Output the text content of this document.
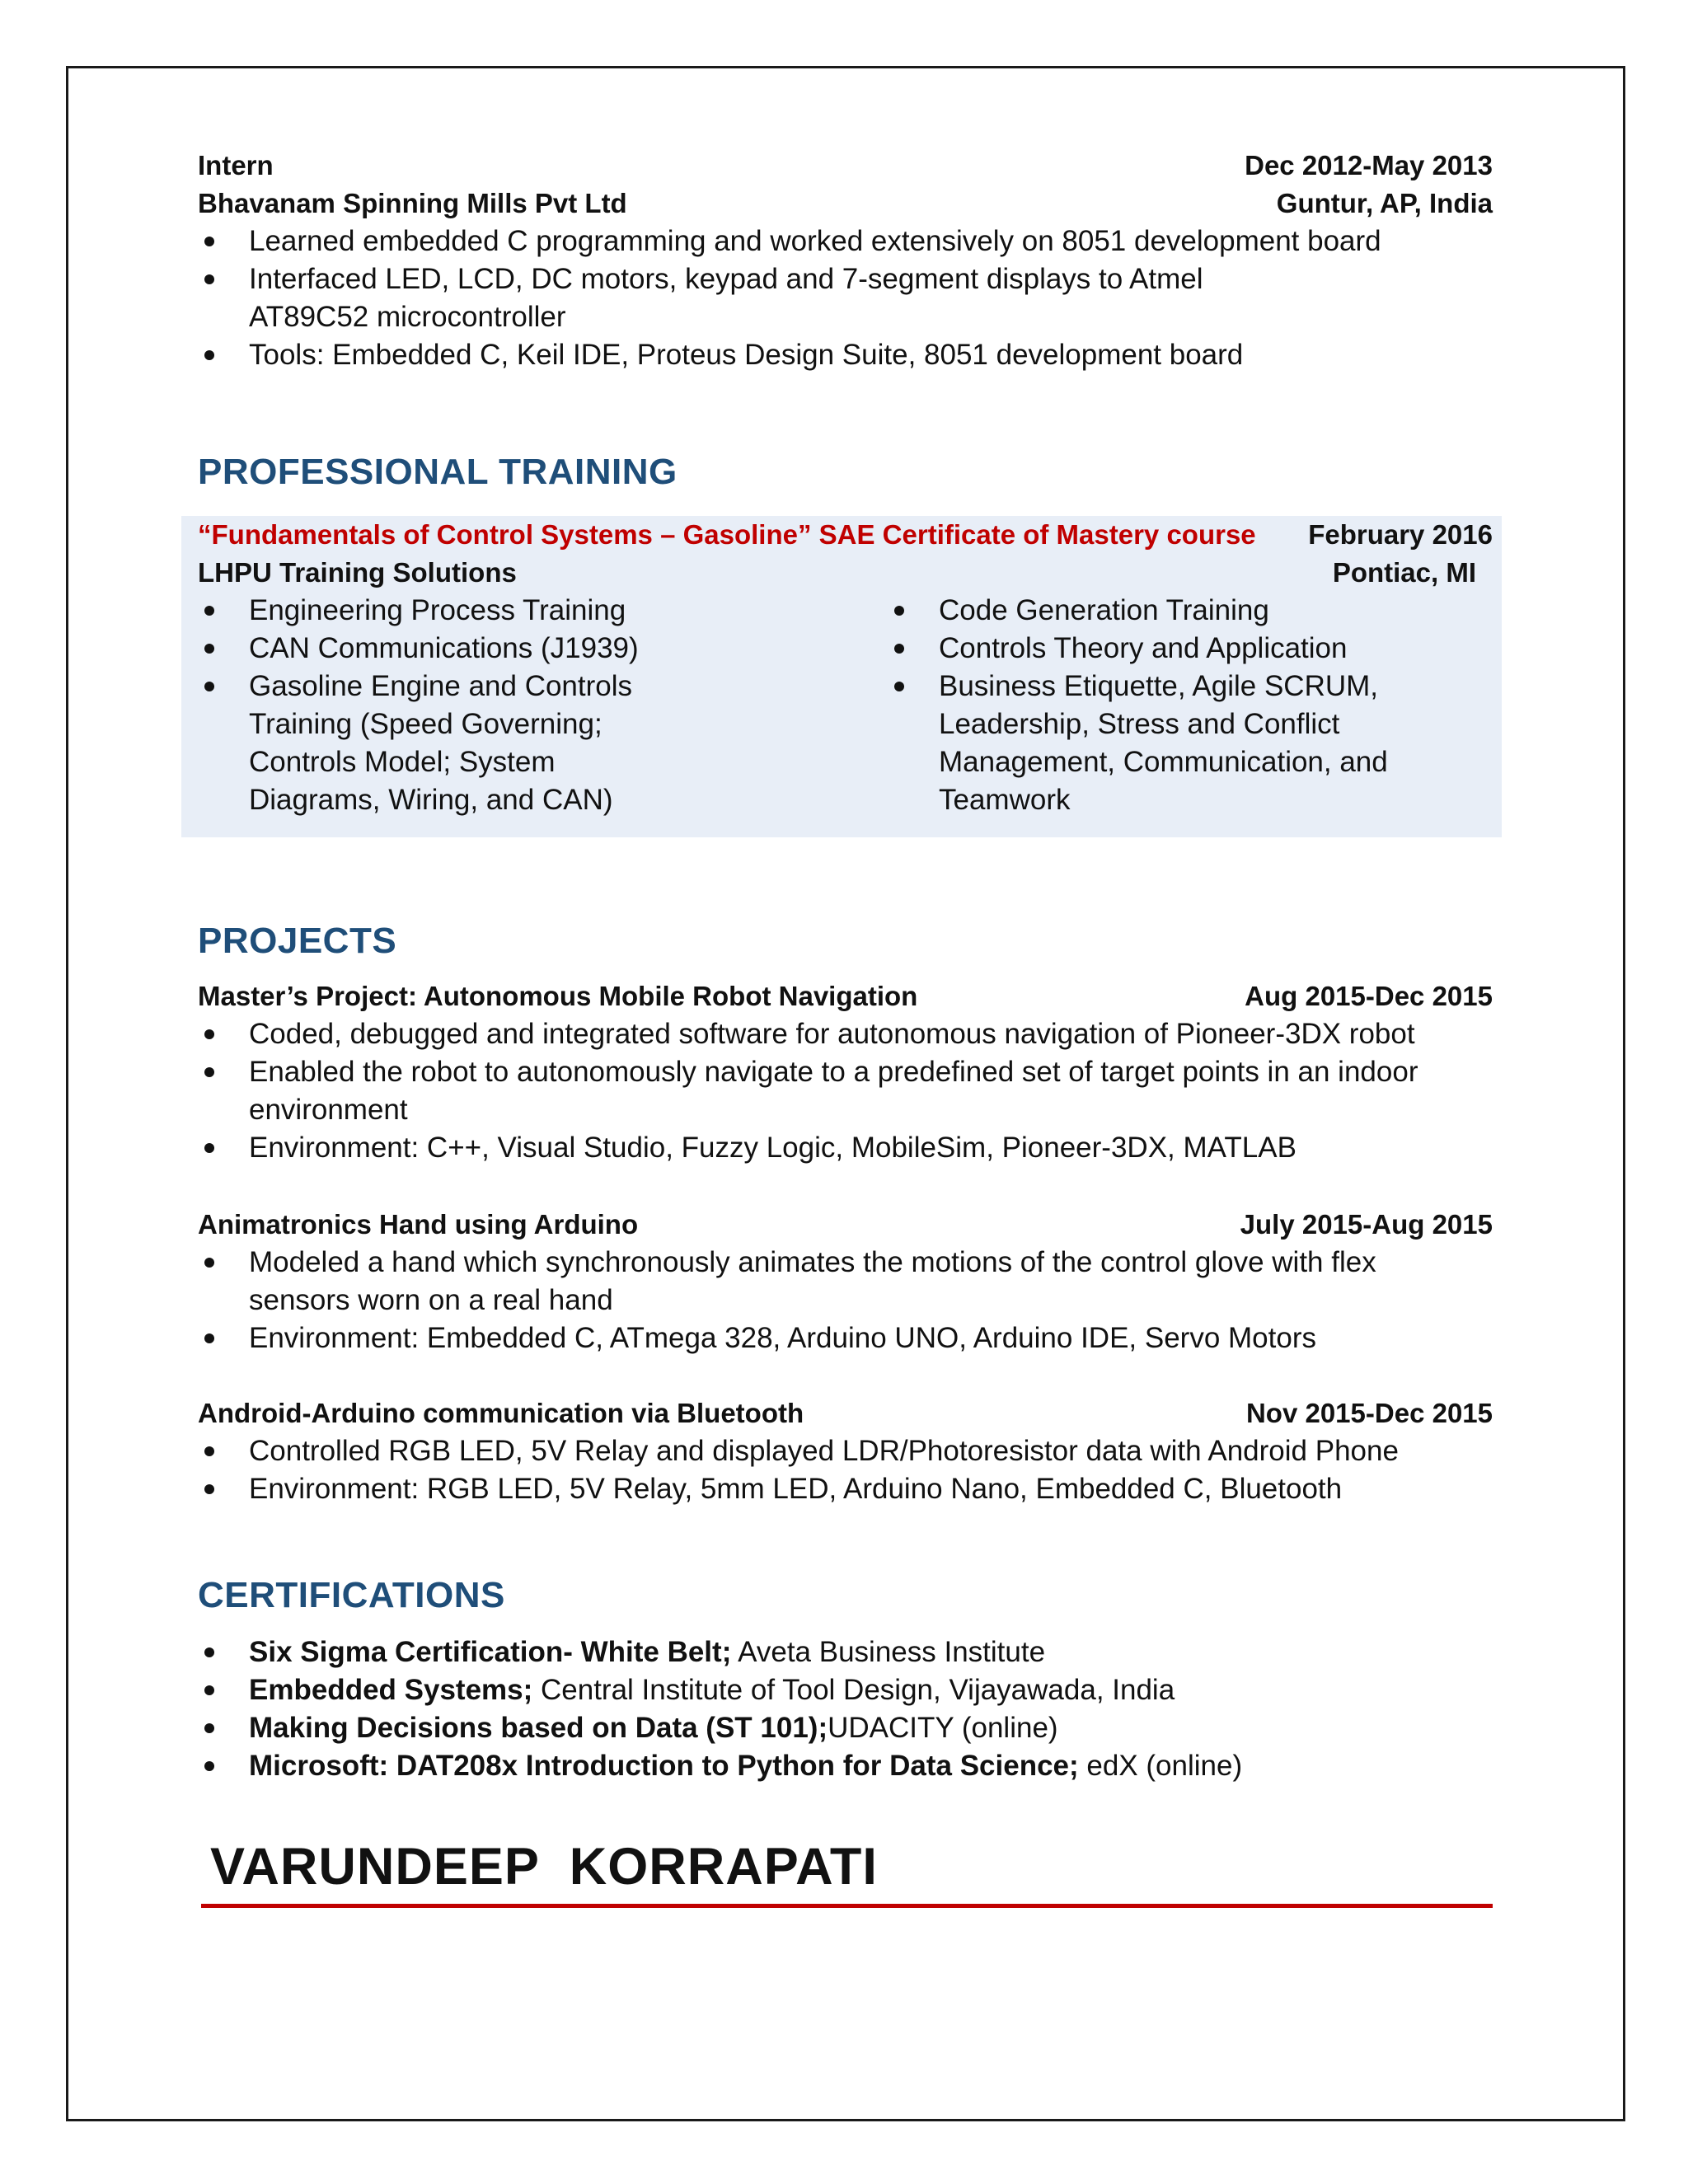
Intern	Dec 2012-May 2013
Bhavanam Spinning Mills Pvt Ltd	Guntur, AP, India
Learned embedded C programming and worked extensively on 8051 development board
Interfaced LED, LCD, DC motors, keypad and 7-segment displays to Atmel AT89C52 microcontroller
Tools: Embedded C, Keil IDE, Proteus Design Suite, 8051 development board
PROFESSIONAL TRAINING
“Fundamentals of Control Systems – Gasoline” SAE Certificate of Mastery course February 2016
LHPU Training Solutions	Pontiac, MI
Engineering Process Training
CAN Communications (J1939)
Gasoline Engine and Controls Training (Speed Governing; Controls Model; System Diagrams, Wiring, and CAN)
Code Generation Training
Controls Theory and Application
Business Etiquette, Agile SCRUM, Leadership, Stress and Conflict Management, Communication, and Teamwork
PROJECTS
Master’s Project: Autonomous Mobile Robot Navigation	Aug 2015-Dec 2015
Coded, debugged and integrated software for autonomous navigation of Pioneer-3DX robot
Enabled the robot to autonomously navigate to a predefined set of target points in an indoor environment
Environment: C++, Visual Studio, Fuzzy Logic, MobileSim, Pioneer-3DX, MATLAB
Animatronics Hand using Arduino	July 2015-Aug 2015
Modeled a hand which synchronously animates the motions of the control glove with flex sensors worn on a real hand
Environment: Embedded C, ATmega 328, Arduino UNO, Arduino IDE, Servo Motors
Android-Arduino communication via Bluetooth	Nov 2015-Dec 2015
Controlled RGB LED, 5V Relay and displayed LDR/Photoresistor data with Android Phone
Environment: RGB LED, 5V Relay, 5mm LED, Arduino Nano, Embedded C, Bluetooth
CERTIFICATIONS
Six Sigma Certification- White Belt; Aveta Business Institute
Embedded Systems; Central Institute of Tool Design, Vijayawada, India
Making Decisions based on Data (ST 101);UDACITY (online)
Microsoft: DAT208x Introduction to Python for Data Science; edX (online)
VARUNDEEP  KORRAPATI
